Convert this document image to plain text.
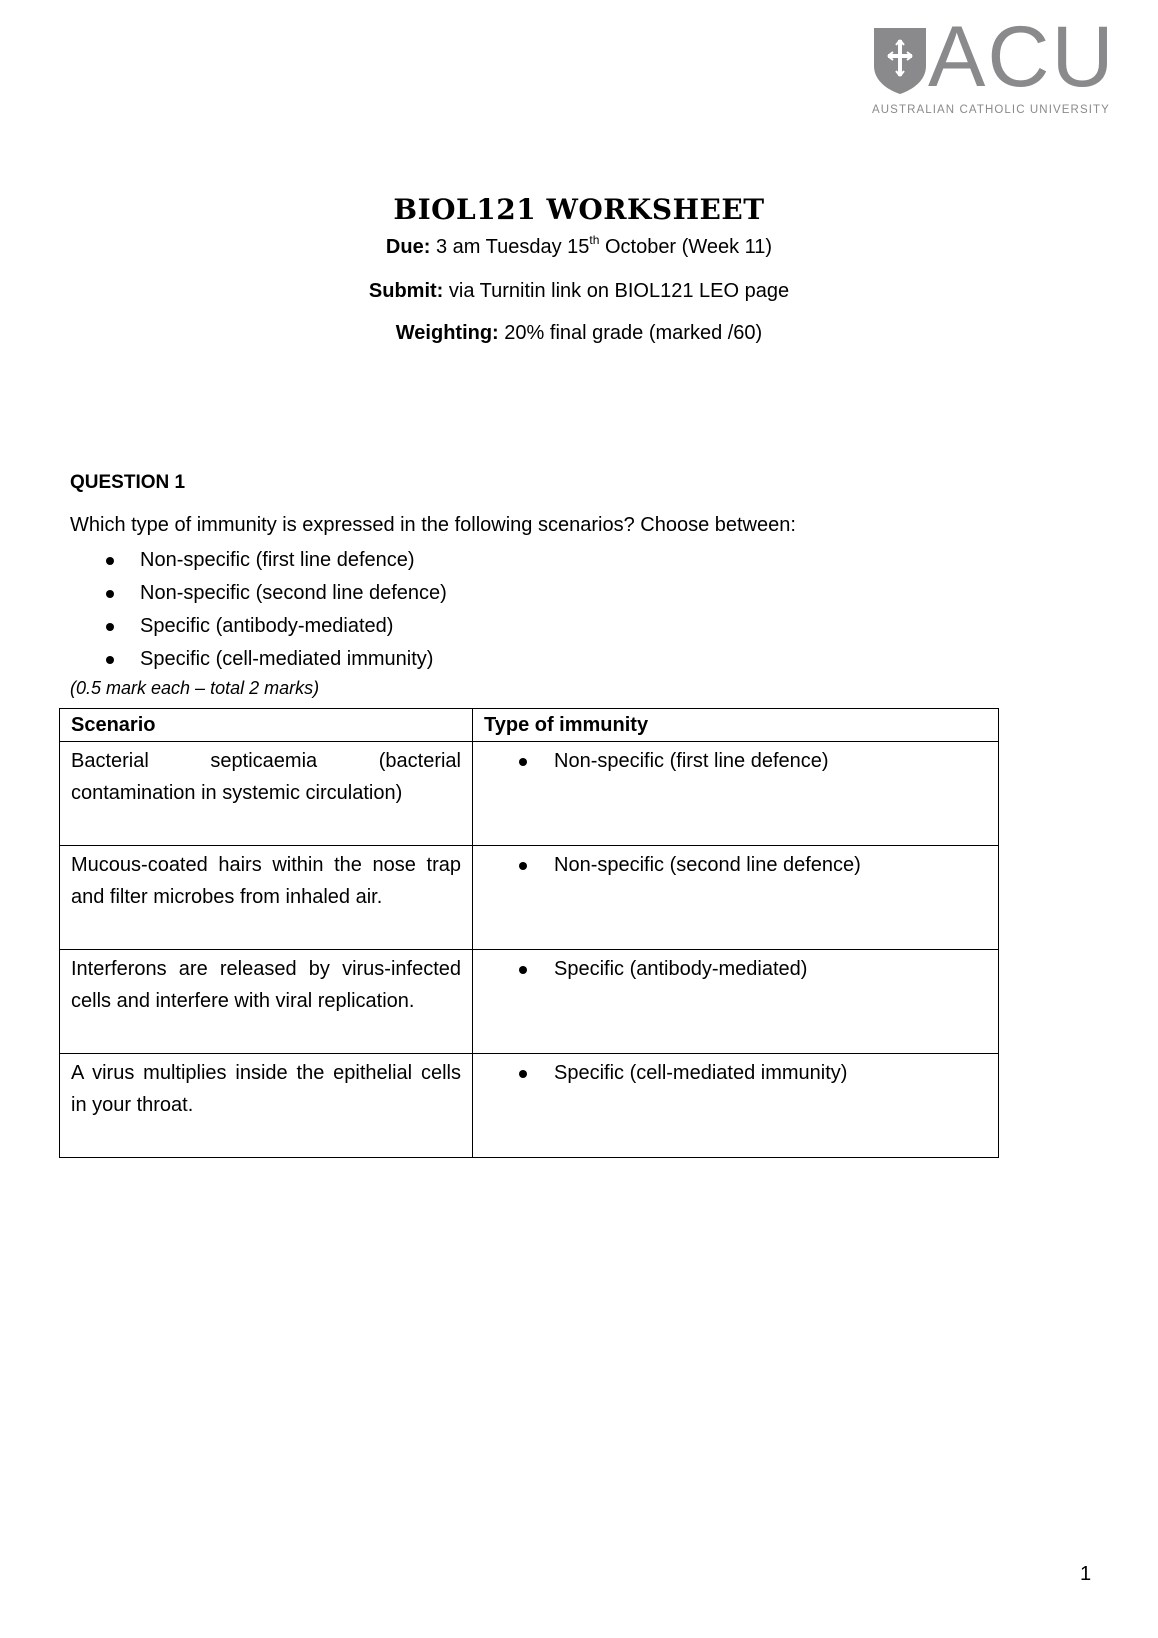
ACU
AUSTRALIAN CATHOLIC UNIVERSITY
BIOL121 WORKSHEET
Due: 3 am Tuesday 15th October (Week 11)
Submit: via Turnitin link on BIOL121 LEO page
Weighting: 20% final grade (marked /60)
QUESTION 1
Which type of immunity is expressed in the following scenarios? Choose between:
Non-specific (first line defence)
Non-specific (second line defence)
Specific (antibody-mediated)
Specific (cell-mediated immunity)
(0.5 mark each – total 2 marks)
Scenario	Type of immunity
Bacterial septicaemia (bacterial contamination in systemic circulation)	Non-specific (first line defence)
Mucous-coated hairs within the nose trap and filter microbes from inhaled air.	Non-specific (second line defence)
Interferons are released by virus-infected cells and interfere with viral replication.	Specific (antibody-mediated)
A virus multiplies inside the epithelial cells in your throat.	Specific (cell-mediated immunity)
1
